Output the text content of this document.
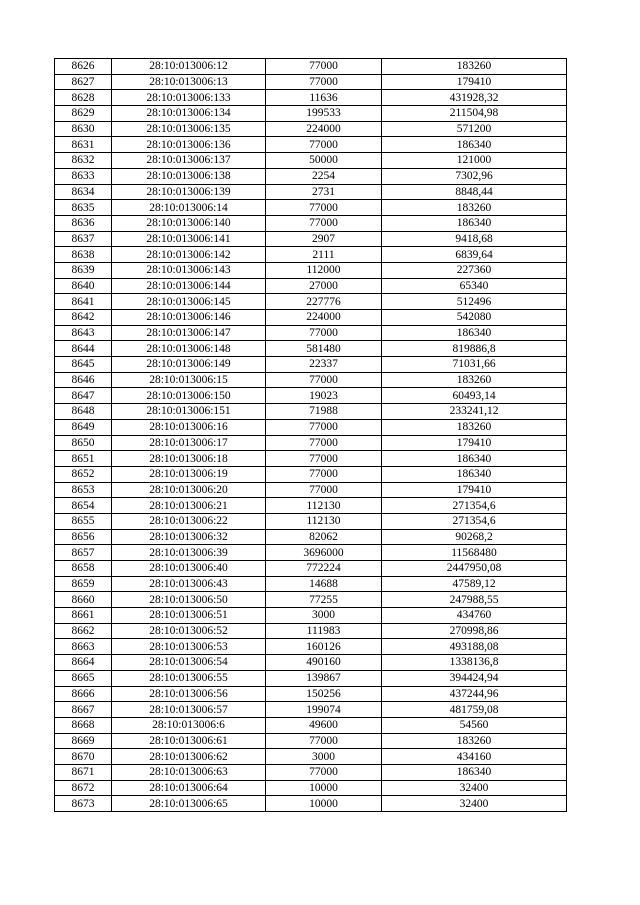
8626	28:10:013006:12	77000	183260
8627	28:10:013006:13	77000	179410
8628	28:10:013006:133	11636	431928,32
8629	28:10:013006:134	199533	211504,98
8630	28:10:013006:135	224000	571200
8631	28:10:013006:136	77000	186340
8632	28:10:013006:137	50000	121000
8633	28:10:013006:138	2254	7302,96
8634	28:10:013006:139	2731	8848,44
8635	28:10:013006:14	77000	183260
8636	28:10:013006:140	77000	186340
8637	28:10:013006:141	2907	9418,68
8638	28:10:013006:142	2111	6839,64
8639	28:10:013006:143	112000	227360
8640	28:10:013006:144	27000	65340
8641	28:10:013006:145	227776	512496
8642	28:10:013006:146	224000	542080
8643	28:10:013006:147	77000	186340
8644	28:10:013006:148	581480	819886,8
8645	28:10:013006:149	22337	71031,66
8646	28:10:013006:15	77000	183260
8647	28:10:013006:150	19023	60493,14
8648	28:10:013006:151	71988	233241,12
8649	28:10:013006:16	77000	183260
8650	28:10:013006:17	77000	179410
8651	28:10:013006:18	77000	186340
8652	28:10:013006:19	77000	186340
8653	28:10:013006:20	77000	179410
8654	28:10:013006:21	112130	271354,6
8655	28:10:013006:22	112130	271354,6
8656	28:10:013006:32	82062	90268,2
8657	28:10:013006:39	3696000	11568480
8658	28:10:013006:40	772224	2447950,08
8659	28:10:013006:43	14688	47589,12
8660	28:10:013006:50	77255	247988,55
8661	28:10:013006:51	3000	434760
8662	28:10:013006:52	111983	270998,86
8663	28:10:013006:53	160126	493188,08
8664	28:10:013006:54	490160	1338136,8
8665	28:10:013006:55	139867	394424,94
8666	28:10:013006:56	150256	437244,96
8667	28:10:013006:57	199074	481759,08
8668	28:10:013006:6	49600	54560
8669	28:10:013006:61	77000	183260
8670	28:10:013006:62	3000	434160
8671	28:10:013006:63	77000	186340
8672	28:10:013006:64	10000	32400
8673	28:10:013006:65	10000	32400
